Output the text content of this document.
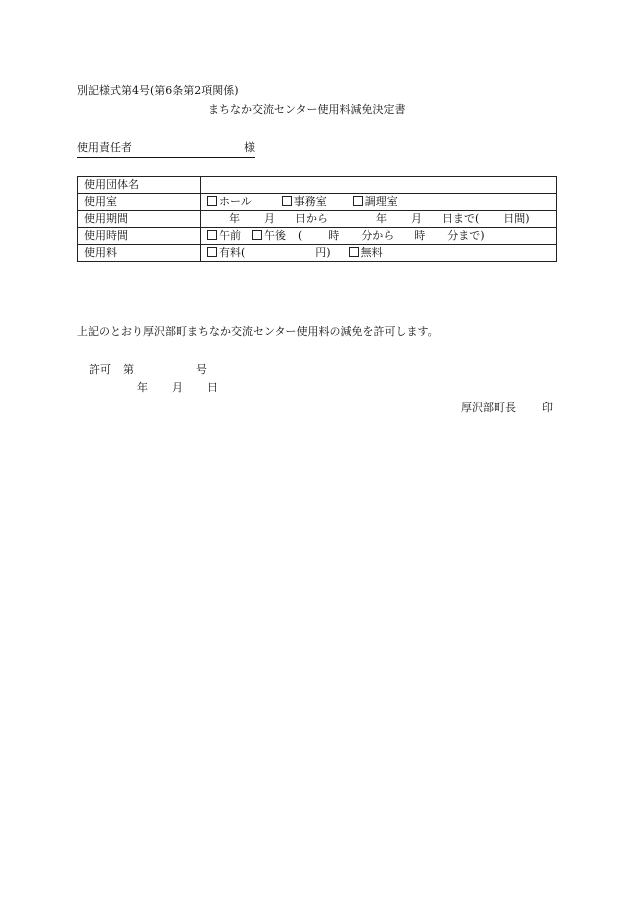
別記様式第4号(第6条第2項関係)
まちなか交流センター使用料減免決定書
使用責任者	様
使用団体名	
使用室	ホール 事務室 調理室
使用期間	年 月 日から 年 月 日まで( 日間)
使用時間	午前 午後 ( 時 分から 時 分まで)
使用料	有料( 円) 無料
上記のとおり厚沢部町まちなか交流センター使用料の減免を許可します。
許可 第	号
年 月 日
厚沢部町長 印
